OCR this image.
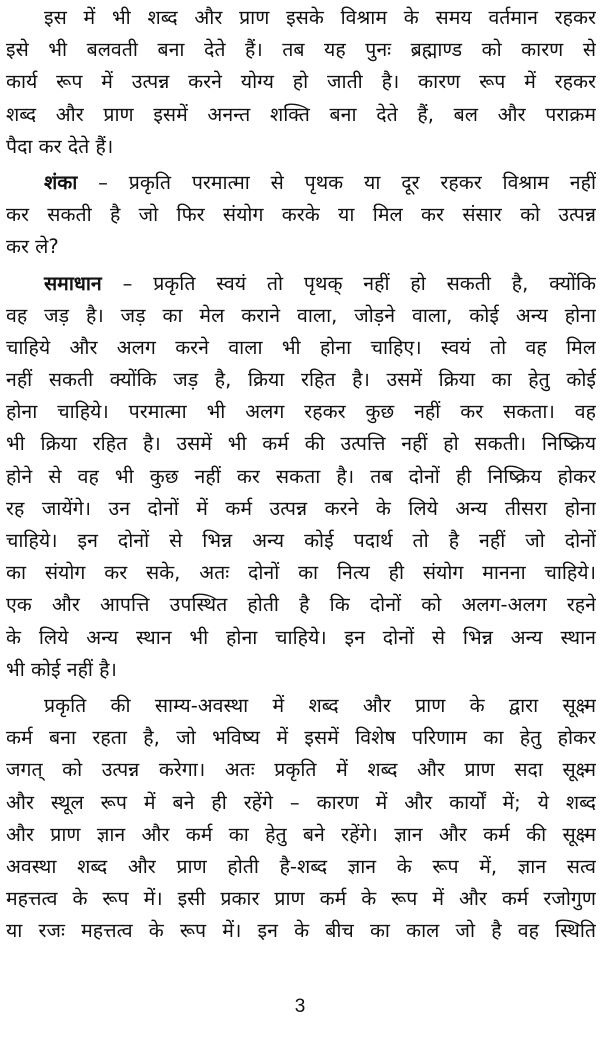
इस में भी शब्द और प्राण इसके विश्राम के समय वर्तमान रहकर
इसे भी बलवती बना देते हैं। तब यह पुनः ब्रह्माण्ड को कारण से
कार्य रूप में उत्पन्न करने योग्य हो जाती है। कारण रूप में रहकर
शब्द और प्राण इसमें अनन्त शक्ति बना देते हैं, बल और पराक्रम
पैदा कर देते हैं।
शंका – प्रकृति परमात्मा से पृथक या दूर रहकर विश्राम नहीं
कर सकती है जो फिर संयोग करके या मिल कर संसार को उत्पन्न
कर ले?
समाधान – प्रकृति स्वयं तो पृथक् नहीं हो सकती है, क्योंकि
वह जड़ है। जड़ का मेल कराने वाला, जोड़ने वाला, कोई अन्य होना
चाहिये और अलग करने वाला भी होना चाहिए। स्वयं तो वह मिल
नहीं सकती क्योंकि जड़ है, क्रिया रहित है। उसमें क्रिया का हेतु कोई
होना चाहिये। परमात्मा भी अलग रहकर कुछ नहीं कर सकता। वह
भी क्रिया रहित है। उसमें भी कर्म की उत्पत्ति नहीं हो सकती। निष्क्रिय
होने से वह भी कुछ नहीं कर सकता है। तब दोनों ही निष्क्रिय होकर
रह जायेंगे। उन दोनों में कर्म उत्पन्न करने के लिये अन्य तीसरा होना
चाहिये। इन दोनों से भिन्न अन्य कोई पदार्थ तो है नहीं जो दोनों
का संयोग कर सके, अतः दोनों का नित्य ही संयोग मानना चाहिये।
एक और आपत्ति उपस्थित होती है कि दोनों को अलग-अलग रहने
के लिये अन्य स्थान भी होना चाहिये। इन दोनों से भिन्न अन्य स्थान
भी कोई नहीं है।
प्रकृति की साम्य-अवस्था में शब्द और प्राण के द्वारा सूक्ष्म
कर्म बना रहता है, जो भविष्य में इसमें विशेष परिणाम का हेतु होकर
जगत् को उत्पन्न करेगा। अतः प्रकृति में शब्द और प्राण सदा सूक्ष्म
और स्थूल रूप में बने ही रहेंगे – कारण में और कार्यों में; ये शब्द
और प्राण ज्ञान और कर्म का हेतु बने रहेंगे। ज्ञान और कर्म की सूक्ष्म
अवस्था शब्द और प्राण होती है-शब्द ज्ञान के रूप में, ज्ञान सत्व
महत्तत्व के रूप में। इसी प्रकार प्राण कर्म के रूप में और कर्म रजोगुण
या रजः महत्तत्व के रूप में। इन के बीच का काल जो है वह स्थिति
3
